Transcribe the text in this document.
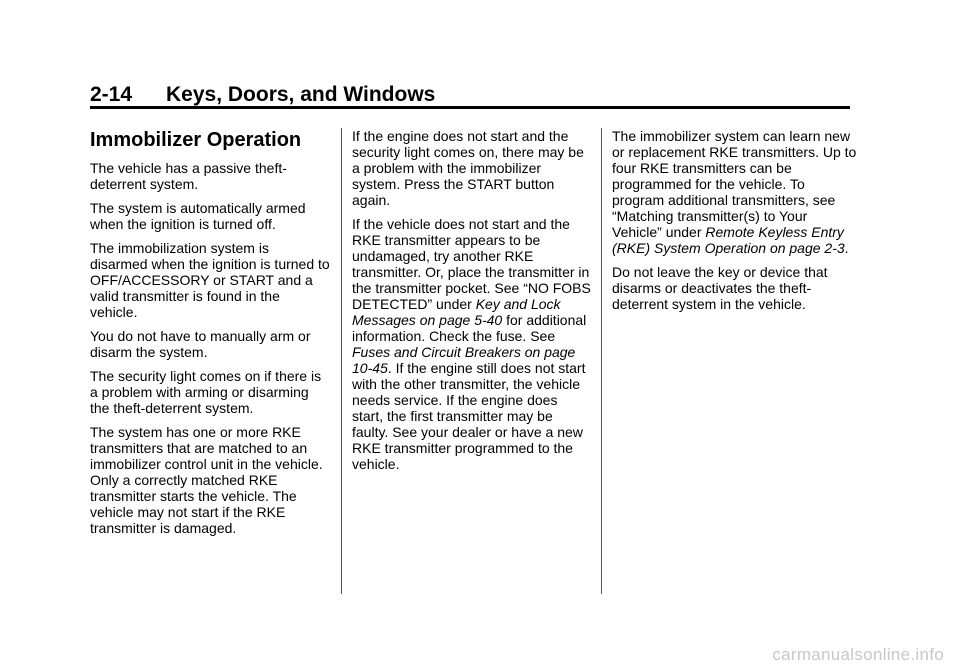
2-14 Keys, Doors, and Windows
Immobilizer Operation

The vehicle has a passive theft-deterrent system.

The system is automatically armed when the ignition is turned off.

The immobilization system is disarmed when the ignition is turned to OFF/ACCESSORY or START and a valid transmitter is found in the vehicle.

You do not have to manually arm or disarm the system.

The security light comes on if there is a problem with arming or disarming the theft-deterrent system.

The system has one or more RKE transmitters that are matched to an immobilizer control unit in the vehicle. Only a correctly matched RKE transmitter starts the vehicle. The vehicle may not start if the RKE transmitter is damaged.

If the engine does not start and the security light comes on, there may be a problem with the immobilizer system. Press the START button again.

If the vehicle does not start and the RKE transmitter appears to be undamaged, try another RKE transmitter. Or, place the transmitter in the transmitter pocket. See “NO FOBS DETECTED” under Key and Lock Messages on page 5-40 for additional information. Check the fuse. See Fuses and Circuit Breakers on page 10-45. If the engine still does not start with the other transmitter, the vehicle needs service. If the engine does start, the first transmitter may be faulty. See your dealer or have a new RKE transmitter programmed to the vehicle.

The immobilizer system can learn new or replacement RKE transmitters. Up to four RKE transmitters can be programmed for the vehicle. To program additional transmitters, see “Matching transmitter(s) to Your Vehicle” under Remote Keyless Entry (RKE) System Operation on page 2-3.

Do not leave the key or device that disarms or deactivates the theft-deterrent system in the vehicle.

carmanualsonline.info
